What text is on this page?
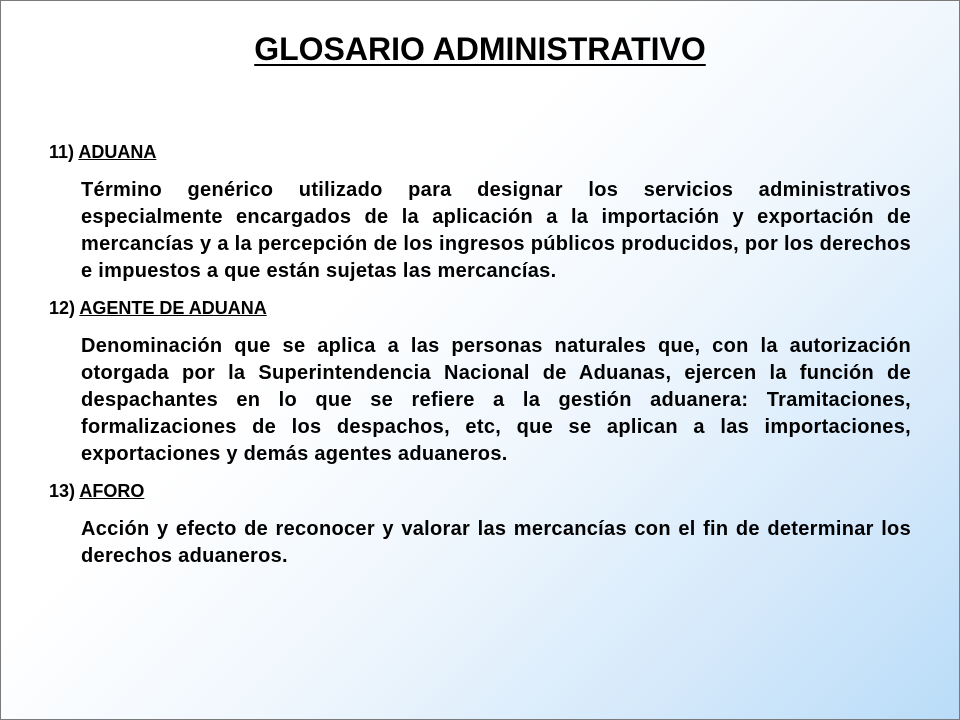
GLOSARIO ADMINISTRATIVO

11) ADUANA

Término genérico utilizado para designar los servicios administrativos especialmente encargados de la aplicación a la importación y exportación de mercancías y a la percepción de los ingresos públicos producidos, por los derechos e impuestos a que están sujetas las mercancías.

12) AGENTE DE ADUANA

Denominación que se aplica a las personas naturales que, con la autorización otorgada por la Superintendencia Nacional de Aduanas, ejercen la función de despachantes en lo que se refiere a la gestión aduanera: Tramitaciones, formalizaciones de los despachos, etc, que se aplican a las importaciones, exportaciones y demás agentes aduaneros.

13) AFORO

Acción y efecto de reconocer y valorar las mercancías con el fin de determinar los derechos aduaneros.
